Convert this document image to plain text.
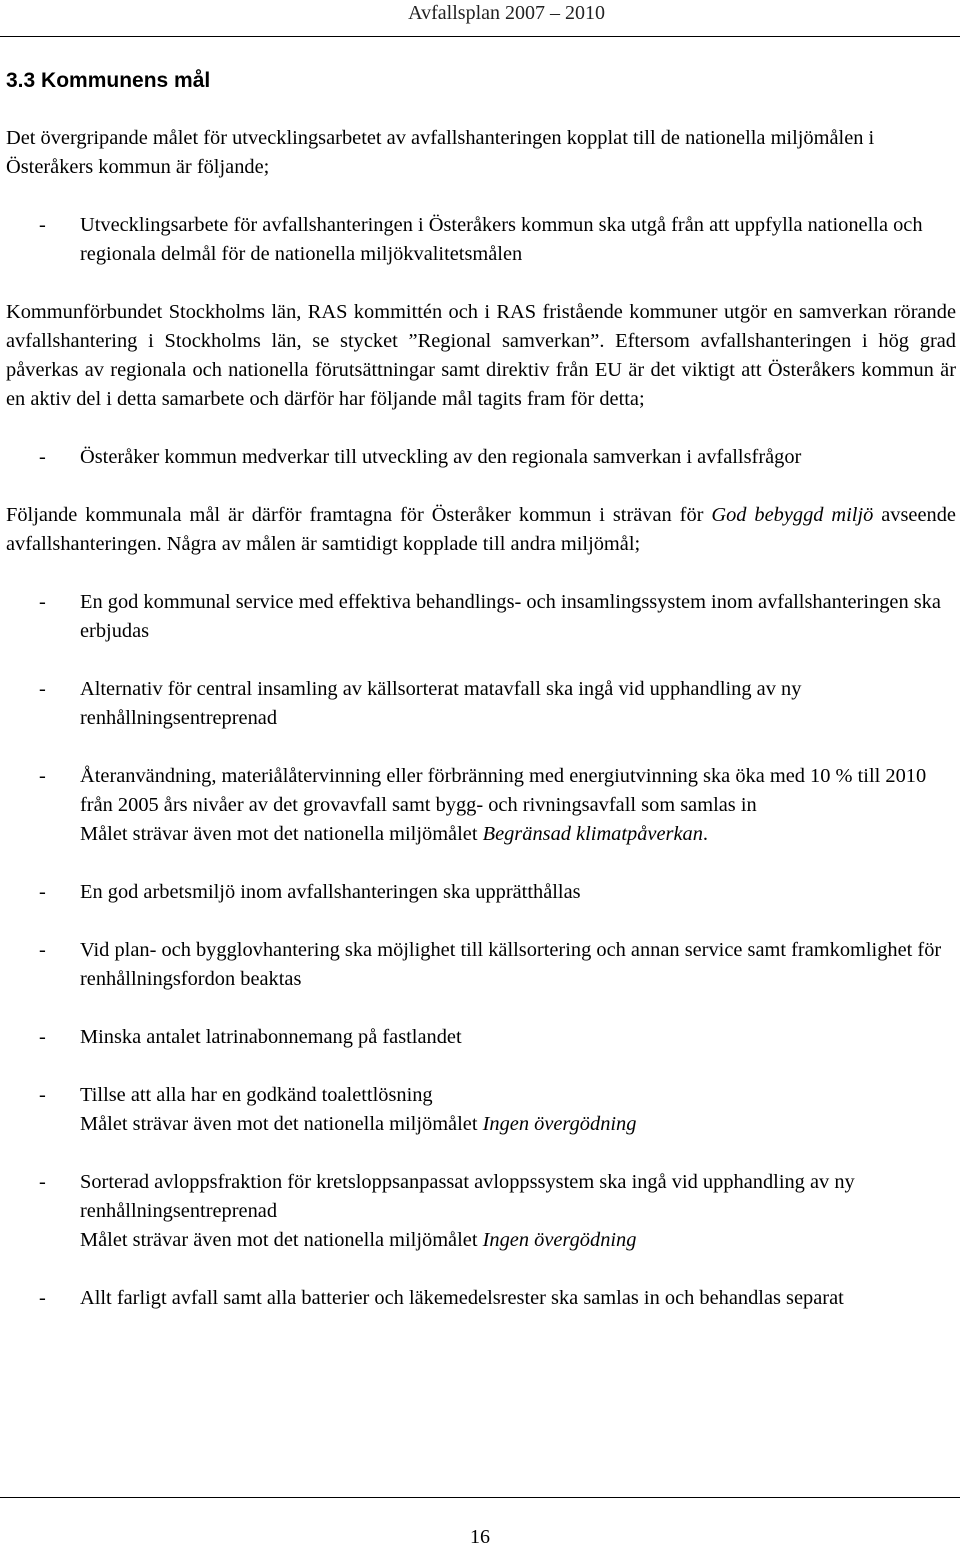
Avfallsplan 2007 – 2010
3.3 Kommunens mål

Det övergripande målet för utvecklingsarbetet av avfallshanteringen kopplat till de nationella miljömålen i Österåkers kommun är följande;

- Utvecklingsarbete för avfallshanteringen i Österåkers kommun ska utgå från att uppfylla nationella och regionala delmål för de nationella miljökvalitetsmålen

Kommunförbundet Stockholms län, RAS kommittén och i RAS fristående kommuner utgör en samverkan rörande avfallshantering i Stockholms län, se stycket ”Regional samverkan”. Eftersom avfallshanteringen i hög grad påverkas av regionala och nationella förutsättningar samt direktiv från EU är det viktigt att Österåkers kommun är en aktiv del i detta samarbete och därför har följande mål tagits fram för detta;

- Österåker kommun medverkar till utveckling av den regionala samverkan i avfallsfrågor

Följande kommunala mål är därför framtagna för Österåker kommun i strävan för God bebyggd miljö avseende avfallshanteringen. Några av målen är samtidigt kopplade till andra miljömål;

- En god kommunal service med effektiva behandlings- och insamlingssystem inom avfallshanteringen ska erbjudas
- Alternativ för central insamling av källsorterat matavfall ska ingå vid upphandling av ny renhållningsentreprenad
- Återanvändning, materiålåtervinning eller förbränning med energiutvinning ska öka med 10 % till 2010 från 2005 års nivåer av det grovavfall samt bygg- och rivningsavfall som samlas in
Målet strävar även mot det nationella miljömålet Begränsad klimatpåverkan.
- En god arbetsmiljö inom avfallshanteringen ska upprätthållas
- Vid plan- och bygglovhantering ska möjlighet till källsortering och annan service samt framkomlighet för renhållningsfordon beaktas
- Minska antalet latrinabonnemang på fastlandet
- Tillse att alla har en godkänd toalettlösning
Målet strävar även mot det nationella miljömålet Ingen övergödning
- Sorterad avloppsfraktion för kretsloppsanpassat avloppssystem ska ingå vid upphandling av ny renhållningsentreprenad
Målet strävar även mot det nationella miljömålet Ingen övergödning
- Allt farligt avfall samt alla batterier och läkemedelsrester ska samlas in och behandlas separat
16
